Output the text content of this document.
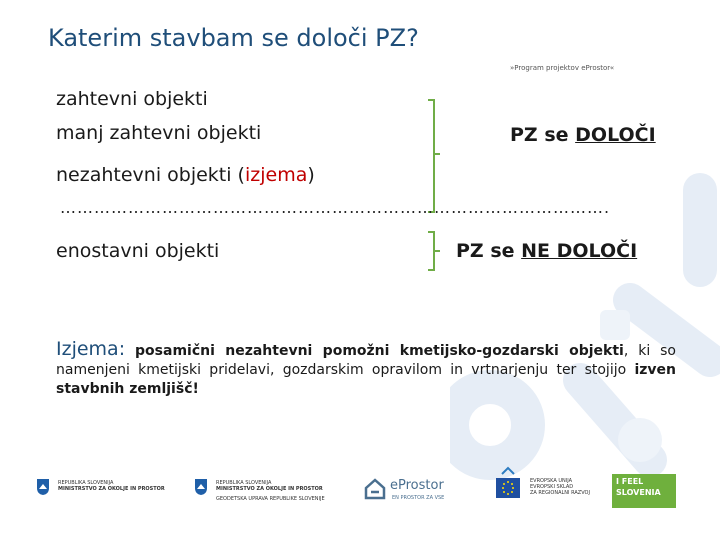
Katerim stavbam se določi PZ?
»Program projektov eProstor«
zahtevni objekti
manj zahtevni objekti
nezahtevni objekti (izjema)
PZ se DOLOČI
…………………………………………………………………………………….
enostavni objekti	PZ se NE DOLOČI
Izjema: posamični nezahtevni pomožni kmetijsko-gozdarski objekti, ki so namenjeni kmetijski pridelavi, gozdarskim opravilom in vrtnarjenju ter stojijo izven stavbnih zemljišč!
REPUBLIKA SLOVENIJA
MINISTRSTVO ZA OKOLJE IN PROSTOR
REPUBLIKA SLOVENIJA
MINISTRSTVO ZA OKOLJE IN PROSTOR
GEODETSKA UPRAVA REPUBLIKE SLOVENIJE
eProstor
EN PROSTOR ZA VSE
EVROPSKA UNIJA
EVROPSKI SKLAD
ZA REGIONALNI RAZVOJ
I FEEL
SLOVENIA
